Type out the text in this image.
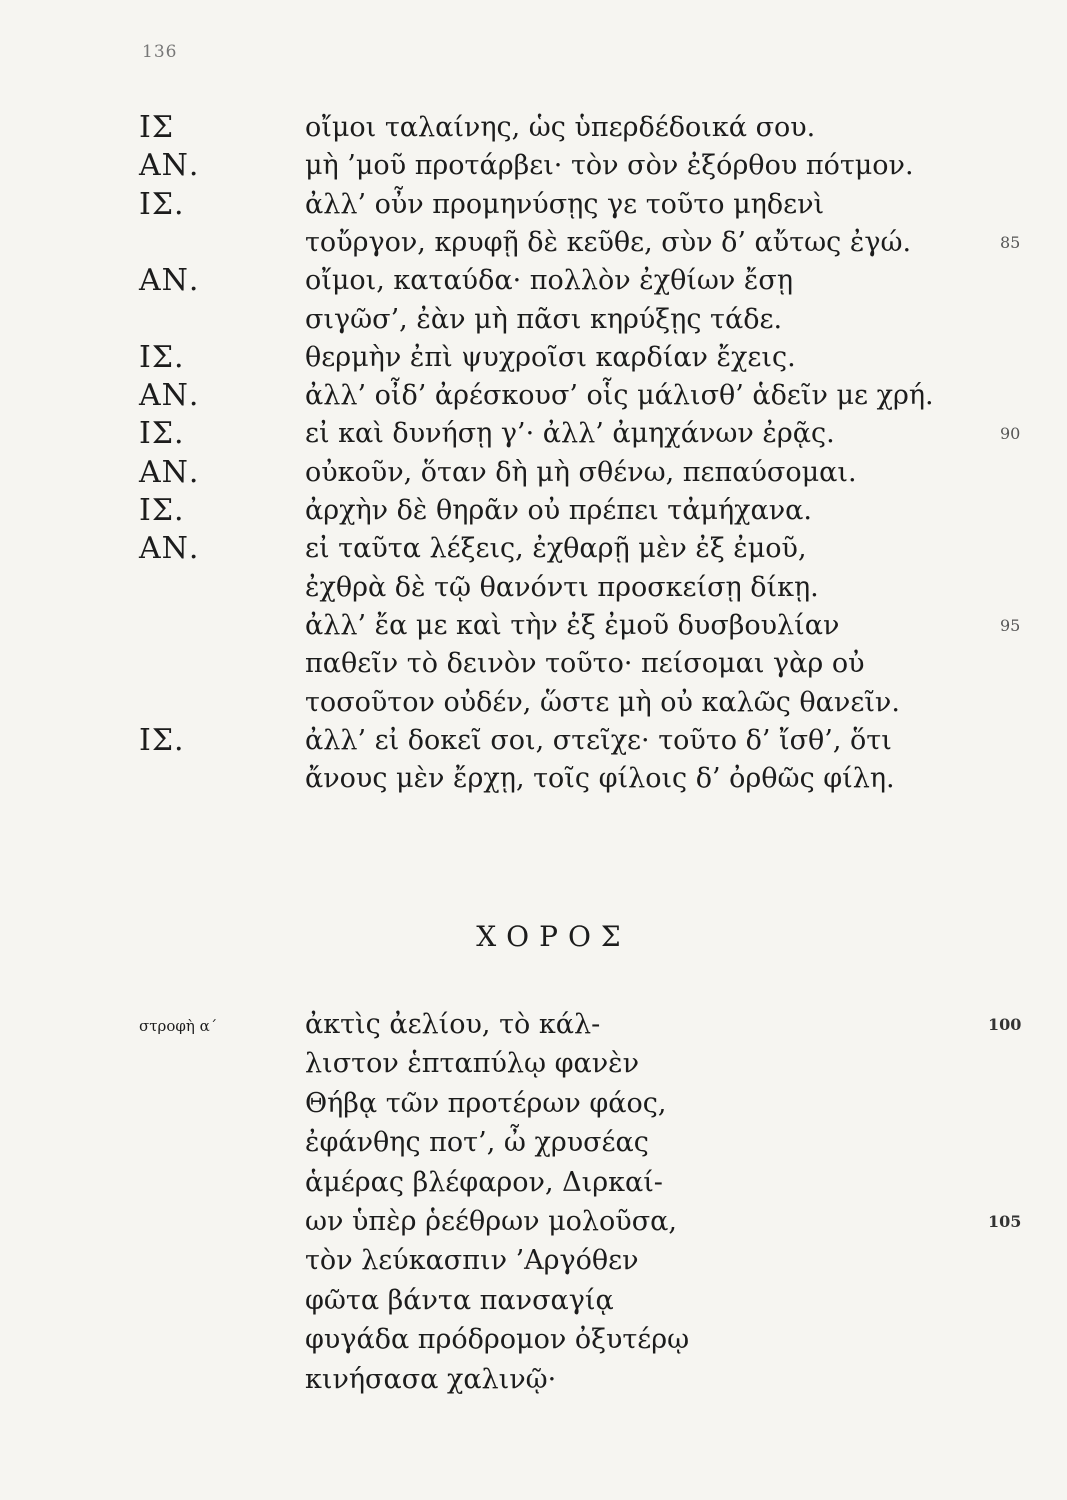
136
ΙΣ	οἴμοι ταλαίνης, ὡς ὑπερδέδοικά σου.
ΑΝ.	μὴ ’μοῦ προτάρβει· τὸν σὸν ἐξόρθου πότμον.
ΙΣ.	ἀλλ’ οὖν προμηνύσῃς γε τοῦτο μηδενὶ
τοὔργον, κρυφῇ δὲ κεῦθε, σὺν δ’ αὔτως ἐγώ.	85
ΑΝ.	οἴμοι, καταύδα· πολλὸν ἐχθίων ἔσῃ
σιγῶσ’, ἐὰν μὴ πᾶσι κηρύξῃς τάδε.
ΙΣ.	θερμὴν ἐπὶ ψυχροῖσι καρδίαν ἔχεις.
ΑΝ.	ἀλλ’ οἶδ’ ἀρέσκουσ’ οἷς μάλισθ’ ἁδεῖν με χρή.
ΙΣ.	εἰ καὶ δυνήσῃ γ’· ἀλλ’ ἀμηχάνων ἐρᾷς.	90
ΑΝ.	οὐκοῦν, ὅταν δὴ μὴ σθένω, πεπαύσομαι.
ΙΣ.	ἀρχὴν δὲ θηρᾶν οὐ πρέπει τἀμήχανα.
ΑΝ.	εἰ ταῦτα λέξεις, ἐχθαρῇ μὲν ἐξ ἐμοῦ,
ἐχθρὰ δὲ τῷ θανόντι προσκείσῃ δίκῃ.
ἀλλ’ ἔα με καὶ τὴν ἐξ ἐμοῦ δυσβουλίαν	95
παθεῖν τὸ δεινὸν τοῦτο· πείσομαι γὰρ οὐ
τοσοῦτον οὐδέν, ὥστε μὴ οὐ καλῶς θανεῖν.
ΙΣ.	ἀλλ’ εἰ δοκεῖ σοι, στεῖχε· τοῦτο δ’ ἴσθ’, ὅτι
ἄνους μὲν ἔρχῃ, τοῖς φίλοις δ’ ὀρθῶς φίλη.
ΧΟΡΟΣ
στροφὴ α΄	ἀκτὶς ἀελίου, τὸ κάλ-	100
λιστον ἑπταπύλῳ φανὲν
Θήβᾳ τῶν προτέρων φάος,
ἐφάνθης ποτ’, ὦ χρυσέας
ἁμέρας βλέφαρον, Διρκαί-
ων ὑπὲρ ῥεέθρων μολοῦσα,	105
τὸν λεύκασπιν ’Αργόθεν
φῶτα βάντα πανσαγίᾳ
φυγάδα πρόδρομον ὀξυτέρῳ
κινήσασα χαλινῷ·
